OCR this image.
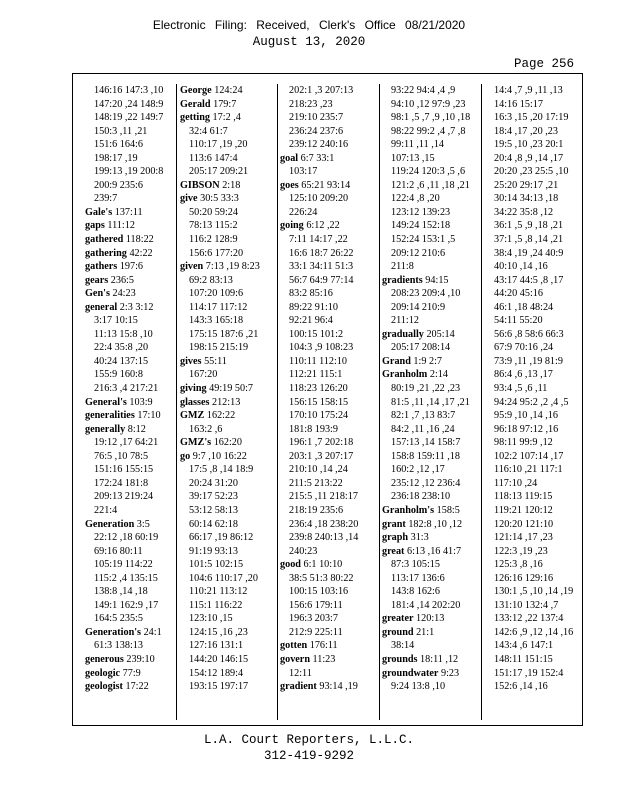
Electronic Filing: Received, Clerk's Office 08/21/2020
August 13, 2020
Page 256
146:16 147:3 ,10
147:20 ,24 148:9
148:19 ,22 149:7
150:3 ,11 ,21
151:6 164:6
198:17 ,19
199:13 ,19 200:8
200:9 235:6
239:7
Gale's 137:11
gaps 111:12
gathered 118:22
gathering 42:22
gathers 197:6
gears 236:5
Gen's 24:23
general 2:3 3:12
3:17 10:15
11:13 15:8 ,10
22:4 35:8 ,20
40:24 137:15
155:9 160:8
216:3 ,4 217:21
General's 103:9
generalities 17:10
generally 8:12
19:12 ,17 64:21
76:5 ,10 78:5
151:16 155:15
172:24 181:8
209:13 219:24
221:4
Generation 3:5
22:12 ,18 60:19
69:16 80:11
105:19 114:22
115:2 ,4 135:15
138:8 ,14 ,18
149:1 162:9 ,17
164:5 235:5
Generation's 24:1
61:3 138:13
generous 239:10
geologic 77:9
geologist 17:22
George 124:24
Gerald 179:7
getting 17:2 ,4
32:4 61:7
110:17 ,19 ,20
113:6 147:4
205:17 209:21
GIBSON 2:18
give 30:5 33:3
50:20 59:24
78:13 115:2
116:2 128:9
156:6 177:20
given 7:13 ,19 8:23
69:2 83:13
107:20 109:6
114:17 117:12
143:3 165:18
175:15 187:6 ,21
198:15 215:19
gives 55:11
167:20
giving 49:19 50:7
glasses 212:13
GMZ 162:22
163:2 ,6
GMZ's 162:20
go 9:7 ,10 16:22
17:5 ,8 ,14 18:9
20:24 31:20
39:17 52:23
53:12 58:13
60:14 62:18
66:17 ,19 86:12
91:19 93:13
101:5 102:15
104:6 110:17 ,20
110:21 113:12
115:1 116:22
123:10 ,15
124:15 ,16 ,23
127:16 131:1
144:20 146:15
154:12 189:4
193:15 197:17
202:1 ,3 207:13
218:23 ,23
219:10 235:7
236:24 237:6
239:12 240:16
goal 6:7 33:1
103:17
goes 65:21 93:14
125:10 209:20
226:24
going 6:12 ,22
7:11 14:17 ,22
16:6 18:7 26:22
33:1 34:11 51:3
56:7 64:9 77:14
83:2 85:16
89:22 91:10
92:21 96:4
100:15 101:2
104:3 ,9 108:23
110:11 112:10
112:21 115:1
118:23 126:20
156:15 158:15
170:10 175:24
181:8 193:9
196:1 ,7 202:18
203:1 ,3 207:17
210:10 ,14 ,24
211:5 213:22
215:5 ,11 218:17
218:19 235:6
236:4 ,18 238:20
239:8 240:13 ,14
240:23
good 6:1 10:10
38:5 51:3 80:22
100:15 103:16
156:6 179:11
196:3 203:7
212:9 225:11
gotten 176:11
govern 11:23
12:11
gradient 93:14 ,19
93:22 94:4 ,4 ,9
94:10 ,12 97:9 ,23
98:1 ,5 ,7 ,9 ,10 ,18
98:22 99:2 ,4 ,7 ,8
99:11 ,11 ,14
107:13 ,15
119:24 120:3 ,5 ,6
121:2 ,6 ,11 ,18 ,21
122:4 ,8 ,20
123:12 139:23
149:24 152:18
152:24 153:1 ,5
209:12 210:6
211:8
gradients 94:15
208:23 209:4 ,10
209:14 210:9
211:12
gradually 205:14
205:17 208:14
Grand 1:9 2:7
Granholm 2:14
80:19 ,21 ,22 ,23
81:5 ,11 ,14 ,17 ,21
82:1 ,7 ,13 83:7
84:2 ,11 ,16 ,24
157:13 ,14 158:7
158:8 159:11 ,18
160:2 ,12 ,17
235:12 ,12 236:4
236:18 238:10
Granholm's 158:5
grant 182:8 ,10 ,12
graph 31:3
great 6:13 ,16 41:7
87:3 105:15
113:17 136:6
143:8 162:6
181:4 ,14 202:20
greater 120:13
ground 21:1
38:14
grounds 18:11 ,12
groundwater 9:23
9:24 13:8 ,10
14:4 ,7 ,9 ,11 ,13
14:16 15:17
16:3 ,15 ,20 17:19
18:4 ,17 ,20 ,23
19:5 ,10 ,23 20:1
20:4 ,8 ,9 ,14 ,17
20:20 ,23 25:5 ,10
25:20 29:17 ,21
30:14 34:13 ,18
34:22 35:8 ,12
36:1 ,5 ,9 ,18 ,21
37:1 ,5 ,8 ,14 ,21
38:4 ,19 ,24 40:9
40:10 ,14 ,16
43:17 44:5 ,8 ,17
44:20 45:16
46:1 ,18 48:24
54:11 55:20
56:6 ,8 58:6 66:3
67:9 70:16 ,24
73:9 ,11 ,19 81:9
86:4 ,6 ,13 ,17
93:4 ,5 ,6 ,11
94:24 95:2 ,2 ,4 ,5
95:9 ,10 ,14 ,16
96:18 97:12 ,16
98:11 99:9 ,12
102:2 107:14 ,17
116:10 ,21 117:1
117:10 ,24
118:13 119:15
119:21 120:12
120:20 121:10
121:14 ,17 ,23
122:3 ,19 ,23
125:3 ,8 ,16
126:16 129:16
130:1 ,5 ,10 ,14 ,19
131:10 132:4 ,7
133:12 ,22 137:4
142:6 ,9 ,12 ,14 ,16
143:4 ,6 147:1
148:11 151:15
151:17 ,19 152:4
152:6 ,14 ,16
L.A. Court Reporters, L.L.C.
312-419-9292
